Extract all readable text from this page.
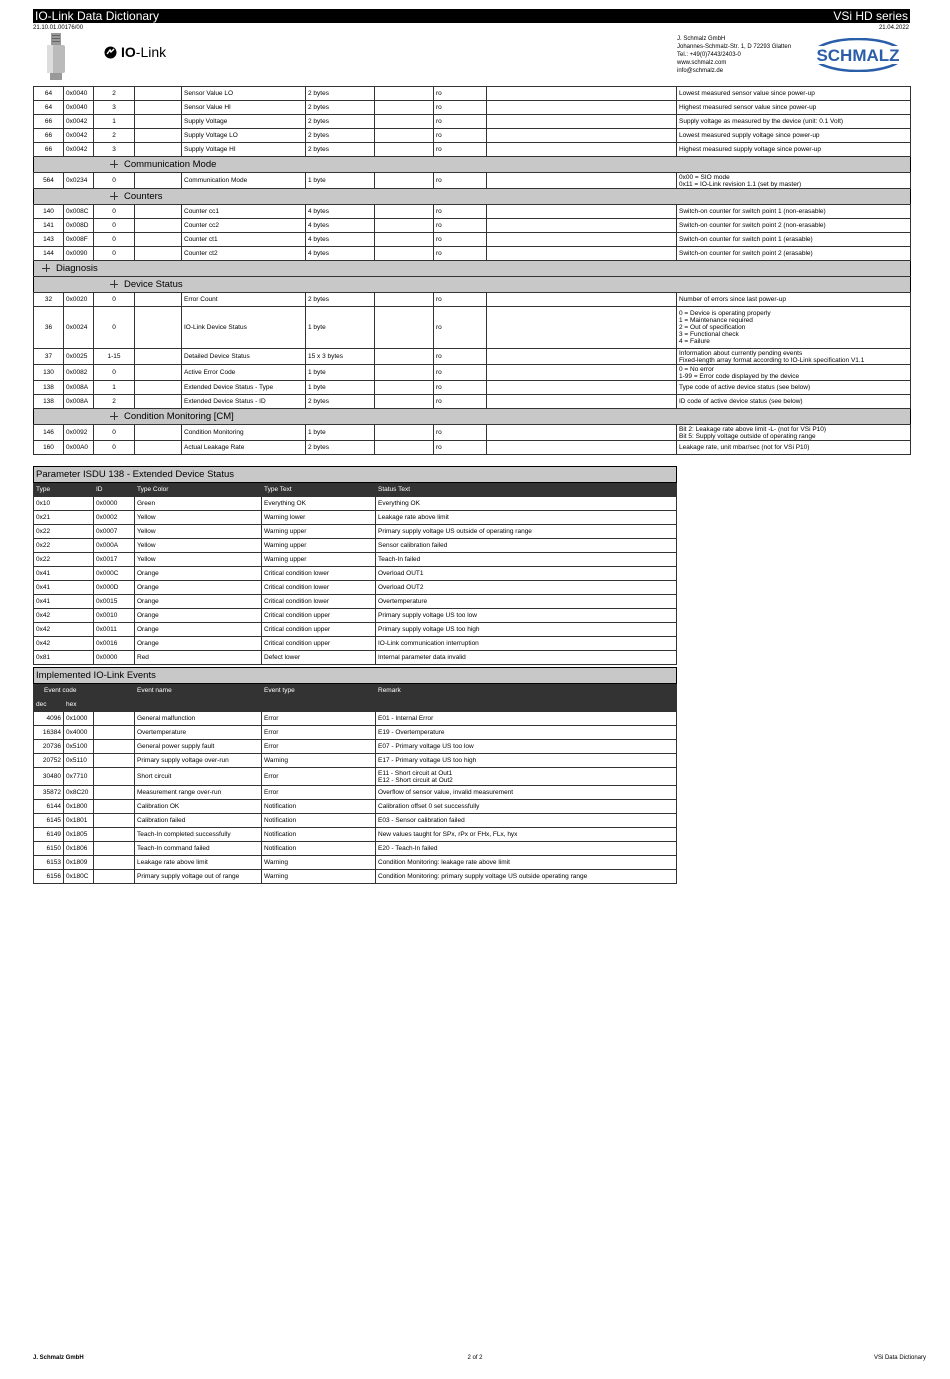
IO-Link Data Dictionary	VSi HD series
21.10.01.00176/00	21.04.2022
IO-Link
J. Schmalz GmbH
Johannes-Schmalz-Str. 1, D 72293 Glatten
Tel.: +49(0)7443/2403-0
www.schmalz.com
info@schmalz.de
SCHMALZ
64	0x0040	2		Sensor Value LO	2 bytes		ro		Lowest measured sensor value since power-up
64	0x0040	3		Sensor Value HI	2 bytes		ro		Highest measured sensor value since power-up
66	0x0042	1		Supply Voltage	2 bytes		ro		Supply voltage as measured by the device (unit: 0.1 Volt)
66	0x0042	2		Supply Voltage LO	2 bytes		ro		Lowest measured supply voltage since power-up
66	0x0042	3		Supply Voltage HI	2 bytes		ro		Highest measured supply voltage since power-up
Communication Mode									
564	0x0234	0		Communication Mode	1 byte		ro		0x00 = SIO mode
0x11 = IO-Link revision 1.1 (set by master)
Counters									
140	0x008C	0		Counter cc1	4 bytes		ro		Switch-on counter for switch point 1 (non-erasable)
141	0x008D	0		Counter cc2	4 bytes		ro		Switch-on counter for switch point 2 (non-erasable)
143	0x008F	0		Counter ct1	4 bytes		ro		Switch-on counter for switch point 1 (erasable)
144	0x0090	0		Counter ct2	4 bytes		ro		Switch-on counter for switch point 2 (erasable)
Diagnosis									
Device Status									
32	0x0020	0		Error Count	2 bytes		ro		Number of errors since last power-up
36	0x0024	0		IO-Link Device Status	1 byte		ro		0 = Device is operating properly
1 = Maintenance required
2 = Out of specification
3 = Functional check
4 = Failure
37	0x0025	1-15		Detailed Device Status	15 x 3 bytes		ro		Information about currently pending events
Fixed-length array format according to IO-Link specification V1.1
130	0x0082	0		Active Error Code	1 byte		ro		0 = No error
1-99 = Error code displayed by the device
138	0x008A	1		Extended Device Status - Type	1 byte		ro		Type code of active device status (see below)
138	0x008A	2		Extended Device Status - ID	2 bytes		ro		ID code of active device status (see below)
Condition Monitoring [CM]									
146	0x0092	0		Condition Monitoring	1 byte		ro		Bit 2: Leakage rate above limit -L- (not for VSi P10)
Bit 5: Supply voltage outside of operating range
160	0x00A0	0		Actual Leakage Rate	2 bytes		ro		Leakage rate, unit mbar/sec (not for VSi P10)
Parameter ISDU 138 - Extended Device Status				
Type	ID	Type Color	Type Text	Status Text
0x10	0x0000	Green	Everything OK	Everything OK
0x21	0x0002	Yellow	Warning lower	Leakage rate above limit
0x22	0x0007	Yellow	Warning upper	Primary supply voltage US outside of operating range
0x22	0x000A	Yellow	Warning upper	Sensor calibration failed
0x22	0x0017	Yellow	Warning upper	Teach-In failed
0x41	0x000C	Orange	Critical condition lower	Overload OUT1
0x41	0x000D	Orange	Critical condition lower	Overload OUT2
0x41	0x0015	Orange	Critical condition lower	Overtemperature
0x42	0x0010	Orange	Critical condition upper	Primary supply voltage US too low
0x42	0x0011	Orange	Critical condition upper	Primary supply voltage US too high
0x42	0x0016	Orange	Critical condition upper	IO-Link communication interruption
0x81	0x0000	Red	Defect lower	Internal parameter data invalid
Implemented IO-Link Events					
Event code			Event name	Event type	Remark
dec	hex				
4096	0x1000		General malfunction	Error	E01 - Internal Error
16384	0x4000		Overtemperature	Error	E19 - Overtemperature
20736	0x5100		General power supply fault	Error	E07 - Primary voltage US too low
20752	0x5110		Primary supply voltage over-run	Warning	E17 - Primary voltage US too high
30480	0x7710		Short circuit	Error	E11 - Short circuit at Out1
E12 - Short circuit at Out2
35872	0x8C20		Measurement range over-run	Error	Overflow of sensor value, invalid measurement
6144	0x1800		Calibration OK	Notification	Calibration offset 0 set successfully
6145	0x1801		Calibration failed	Notification	E03 - Sensor calibration failed
6149	0x1805		Teach-In completed successfully	Notification	New values taught for SPx, rPx or FHx, FLx, hyx
6150	0x1806		Teach-In command failed	Notification	E20 - Teach-In failed
6153	0x1809		Leakage rate above limit	Warning	Condition Monitoring: leakage rate above limit
6156	0x180C		Primary supply voltage out of range	Warning	Condition Monitoring: primary supply voltage US outside operating range
J. Schmalz GmbH	2 of 2	VSi Data Dictionary
